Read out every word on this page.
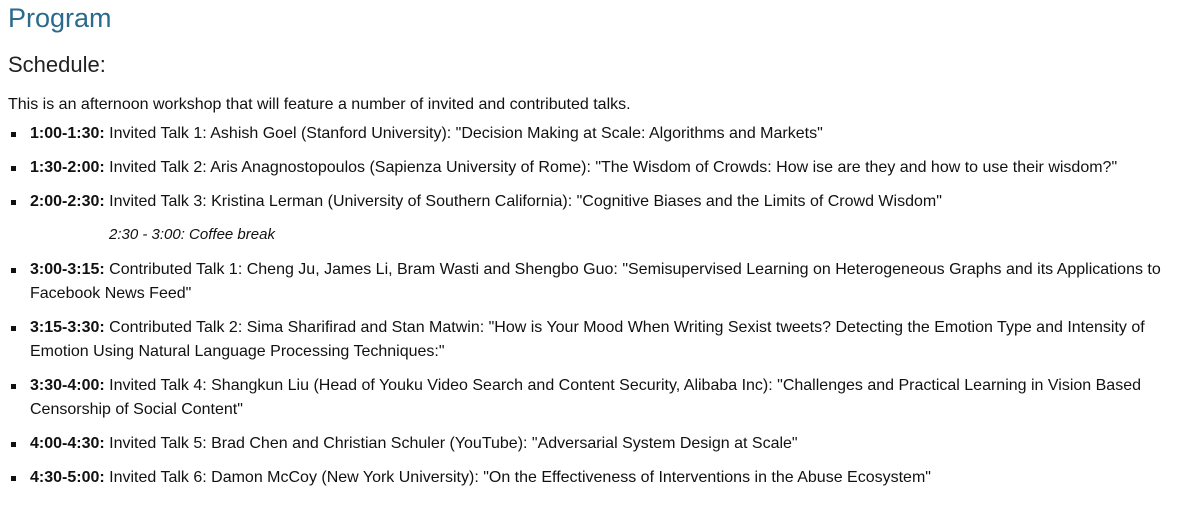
Program
Schedule:

This is an afternoon workshop that will feature a number of invited and contributed talks.

1:00-1:30: Invited Talk 1: Ashish Goel (Stanford University): "Decision Making at Scale: Algorithms and Markets"
1:30-2:00: Invited Talk 2: Aris Anagnostopoulos (Sapienza University of Rome): "The Wisdom of Crowds: How ise are they and how to use their wisdom?"
2:00-2:30: Invited Talk 3: Kristina Lerman (University of Southern California): "Cognitive Biases and the Limits of Crowd Wisdom"
2:30 - 3:00: Coffee break
3:00-3:15: Contributed Talk 1: Cheng Ju, James Li, Bram Wasti and Shengbo Guo: "Semisupervised Learning on Heterogeneous Graphs and its Applications to Facebook News Feed"
3:15-3:30: Contributed Talk 2: Sima Sharifirad and Stan Matwin: "How is Your Mood When Writing Sexist tweets? Detecting the Emotion Type and Intensity of Emotion Using Natural Language Processing Techniques:"
3:30-4:00: Invited Talk 4: Shangkun Liu (Head of Youku Video Search and Content Security, Alibaba Inc): "Challenges and Practical Learning in Vision Based Censorship of Social Content"
4:00-4:30: Invited Talk 5: Brad Chen and Christian Schuler (YouTube): "Adversarial System Design at Scale"
4:30-5:00: Invited Talk 6: Damon McCoy (New York University): "On the Effectiveness of Interventions in the Abuse Ecosystem"
